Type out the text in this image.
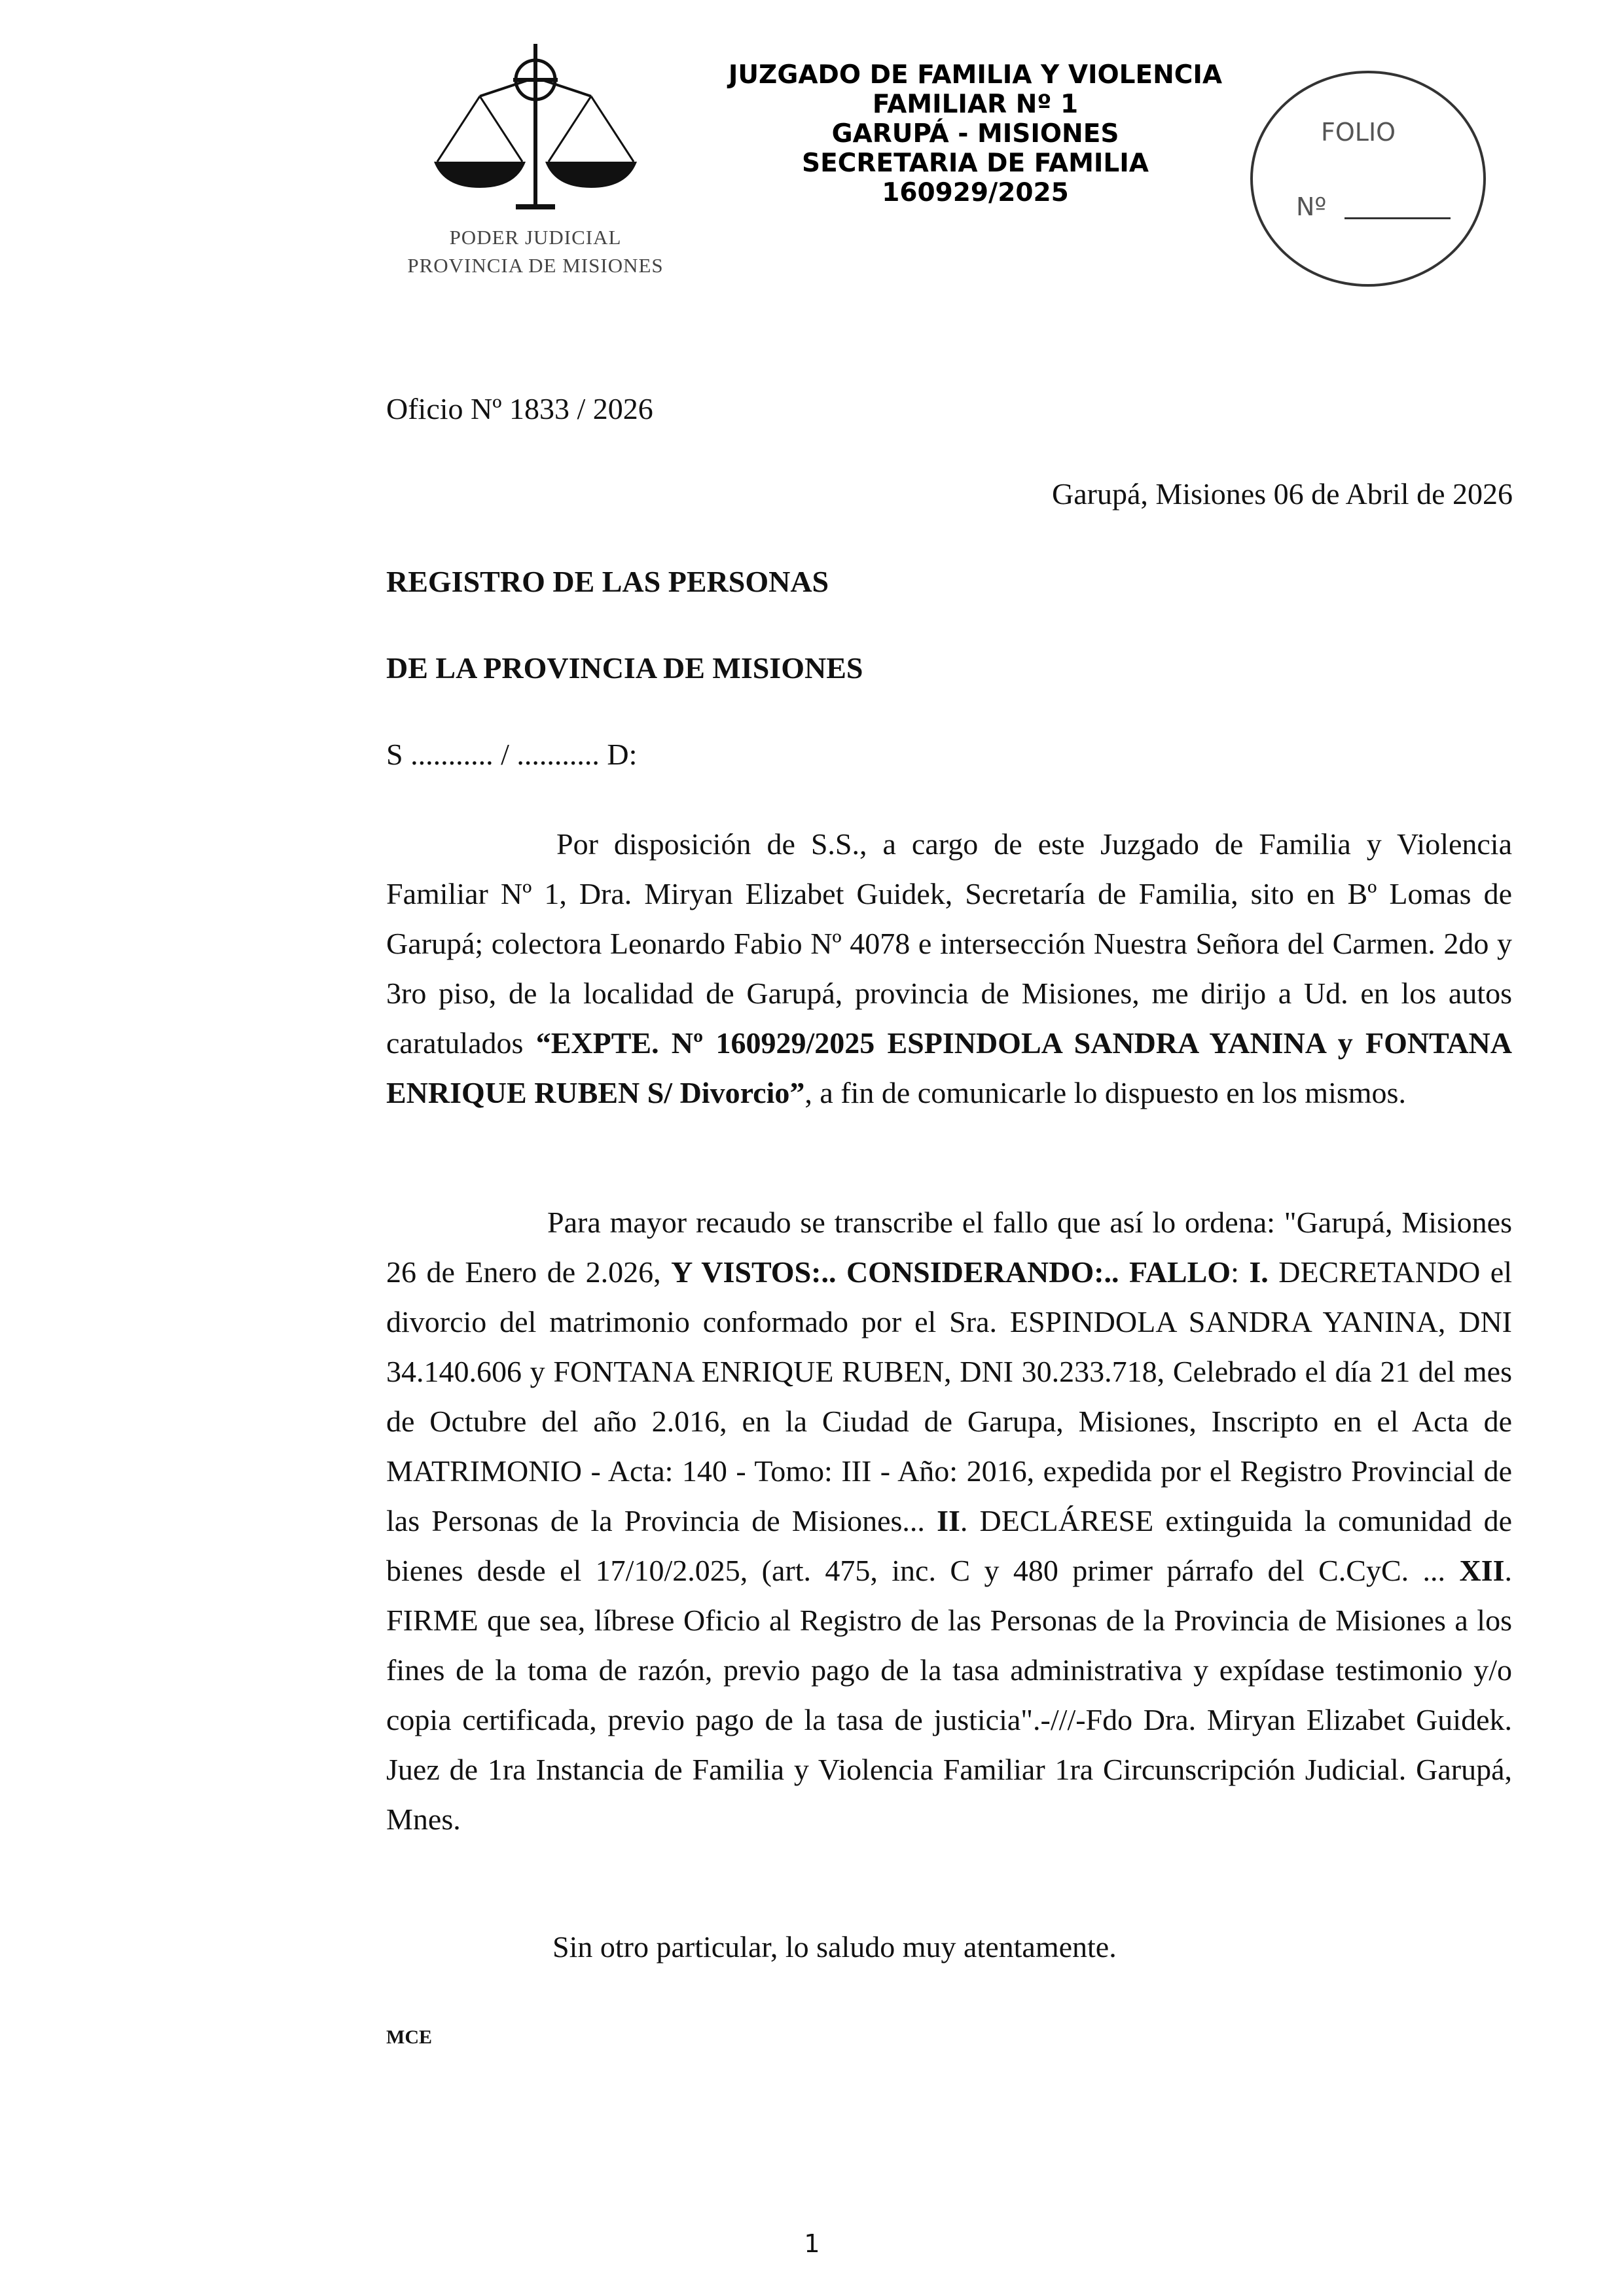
PODER JUDICIAL
PROVINCIA DE MISIONES
JUZGADO DE FAMILIA Y VIOLENCIA
FAMILIAR Nº 1
GARUPÁ - MISIONES
SECRETARIA DE FAMILIA
160929/2025
FOLIO
Nº
Oficio Nº 1833 / 2026
Garupá, Misiones 06 de Abril de 2026
REGISTRO DE LAS PERSONAS
DE LA PROVINCIA DE MISIONES
S ........... / ........... D:
Por disposición de S.S., a cargo de este Juzgado de Familia y Violencia Familiar Nº 1, Dra. Miryan Elizabet Guidek, Secretaría de Familia, sito en Bº Lomas de Garupá; colectora Leonardo Fabio Nº 4078 e intersección Nuestra Señora del Carmen. 2do y 3ro piso, de la localidad de Garupá, provincia de Misiones, me dirijo a Ud. en los autos caratulados “EXPTE. Nº 160929/2025 ESPINDOLA SANDRA YANINA y FONTANA ENRIQUE RUBEN S/ Divorcio”, a fin de comunicarle lo dispuesto en los mismos.
Para mayor recaudo se transcribe el fallo que así lo ordena: "Garupá, Misiones 26 de Enero de 2.026, Y VISTOS:.. CONSIDERANDO:.. FALLO: I. DECRETANDO el divorcio del matrimonio conformado por el Sra. ESPINDOLA SANDRA YANINA, DNI 34.140.606 y FONTANA ENRIQUE RUBEN, DNI 30.233.718, Celebrado el día 21 del mes de Octubre del año 2.016, en la Ciudad de Garupa, Misiones, Inscripto en el Acta de MATRIMONIO - Acta: 140 - Tomo: III - Año: 2016, expedida por el Registro Provincial de las Personas de la Provincia de Misiones... II. DECLÁRESE extinguida la comunidad de bienes desde el 17/10/2.025, (art. 475, inc. C y 480 primer párrafo del C.CyC. ... XII. FIRME que sea, líbrese Oficio al Registro de las Personas de la Provincia de Misiones a los fines de la toma de razón, previo pago de la tasa administrativa y expídase testimonio y/o copia certificada, previo pago de la tasa de justicia".-///-Fdo Dra. Miryan Elizabet Guidek. Juez de 1ra Instancia de Familia y Violencia Familiar 1ra Circunscripción Judicial. Garupá, Mnes.
Sin otro particular, lo saludo muy atentamente.
MCE
1
